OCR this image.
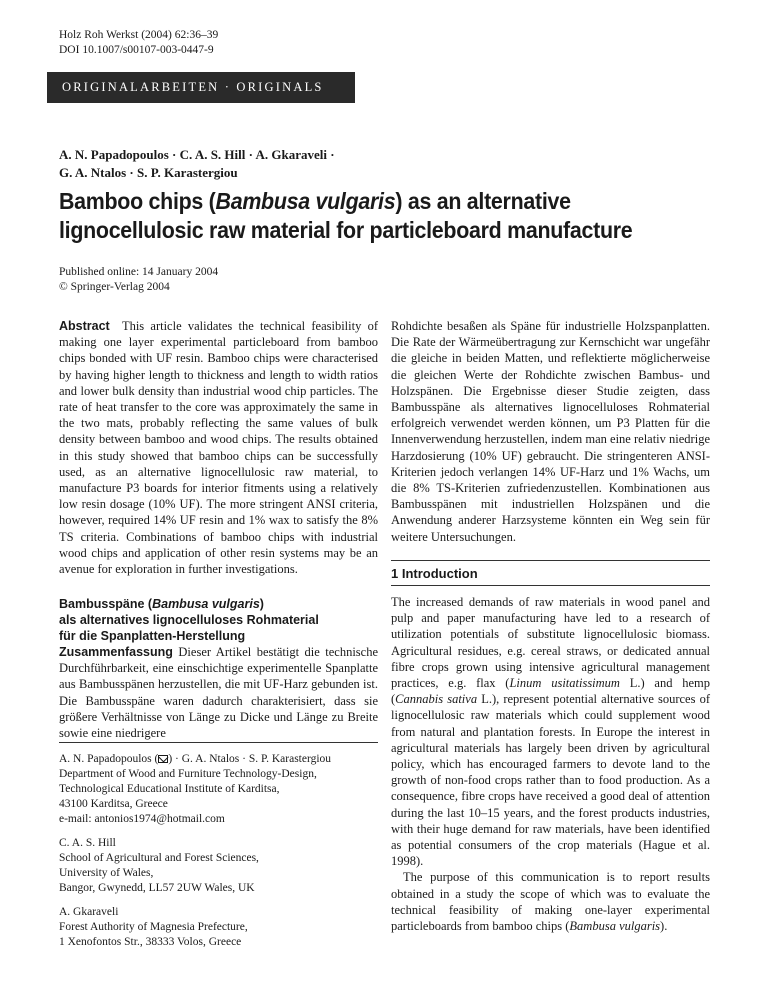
Holz Roh Werkst (2004) 62:36–39
DOI 10.1007/s00107-003-0447-9
ORIGINALARBEITEN · ORIGINALS
A. N. Papadopoulos · C. A. S. Hill · A. Gkaraveli ·
G. A. Ntalos · S. P. Karastergiou
Bamboo chips (Bambusa vulgaris) as an alternative lignocellulosic raw material for particleboard manufacture
Published online: 14 January 2004
© Springer-Verlag 2004

Abstract This article validates the technical feasibility of making one layer experimental particleboard from bamboo chips bonded with UF resin. Bamboo chips were characterised by having higher length to thickness and length to width ratios and lower bulk density than industrial wood chip particles. The rate of heat transfer to the core was approximately the same in the two mats, probably reflecting the same values of bulk density between bamboo and wood chips. The results obtained in this study showed that bamboo chips can be successfully used, as an alternative lignocellulosic raw material, to manufacture P3 boards for interior fitments using a relatively low resin dosage (10% UF). The more stringent ANSI criteria, however, required 14% UF resin and 1% wax to satisfy the 8% TS criteria. Combinations of bamboo chips with industrial wood chips and application of other resin systems may be an avenue for exploration in further investigations.

Bambusspäne (Bambusa vulgaris)
als alternatives lignocelluloses Rohmaterial
für die Spanplatten-Herstellung
Zusammenfassung Dieser Artikel bestätigt die technische Durchführbarkeit, eine einschichtige experimentelle Spanplatte aus Bambusspänen herzustellen, die mit UF-Harz gebunden ist. Die Bambusspäne waren dadurch charakterisiert, dass sie größere Verhältnisse von Länge zu Dicke und Länge zu Breite sowie eine niedrigere
A. N. Papadopoulos ( ) · G. A. Ntalos · S. P. Karastergiou
Department of Wood and Furniture Technology-Design,
Technological Educational Institute of Karditsa,
43100 Karditsa, Greece
e-mail: antonios1974@hotmail.com
C. A. S. Hill
School of Agricultural and Forest Sciences,
University of Wales,
Bangor, Gwynedd, LL57 2UW Wales, UK
A. Gkaraveli
Forest Authority of Magnesia Prefecture,
1 Xenofontos Str., 38333 Volos, Greece

Rohdichte besaßen als Späne für industrielle Holzspanplatten. Die Rate der Wärmeübertragung zur Kernschicht war ungefähr die gleiche in beiden Matten, und reflektierte möglicherweise die gleichen Werte der Rohdichte zwischen Bambus- und Holzspänen. Die Ergebnisse dieser Studie zeigten, dass Bambusspäne als alternatives lignocelluloses Rohmaterial erfolgreich verwendet werden können, um P3 Platten für die Innenverwendung herzustellen, indem man eine relativ niedrige Harzdosierung (10% UF) gebraucht. Die stringenteren ANSI-Kriterien jedoch verlangen 14% UF-Harz und 1% Wachs, um die 8% TS-Kriterien zufriedenzustellen. Kombinationen aus Bambusspänen mit industriellen Holzspänen und die Anwendung anderer Harzsysteme könnten ein Weg sein für weitere Untersuchungen.

1 Introduction

The increased demands of raw materials in wood panel and pulp and paper manufacturing have led to a research of utilization potentials of substitute lignocellulosic biomass. Agricultural residues, e.g. cereal straws, or dedicated annual fibre crops grown using intensive agricultural management practices, e.g. flax (Linum usitatissimum L.) and hemp (Cannabis sativa L.), represent potential alternative sources of lignocellulosic raw materials which could supplement wood from natural and plantation forests. In Europe the interest in agricultural materials has largely been driven by agricultural policy, which has encouraged farmers to devote land to the growth of non-food crops rather than to food production. As a consequence, fibre crops have received a good deal of attention during the last 10–15 years, and the forest products industries, with their huge demand for raw materials, have been identified as potential consumers of the crop materials (Hague et al. 1998).

The purpose of this communication is to report results obtained in a study the scope of which was to evaluate the technical feasibility of making one-layer experimental particleboards from bamboo chips (Bambusa vulgaris).
